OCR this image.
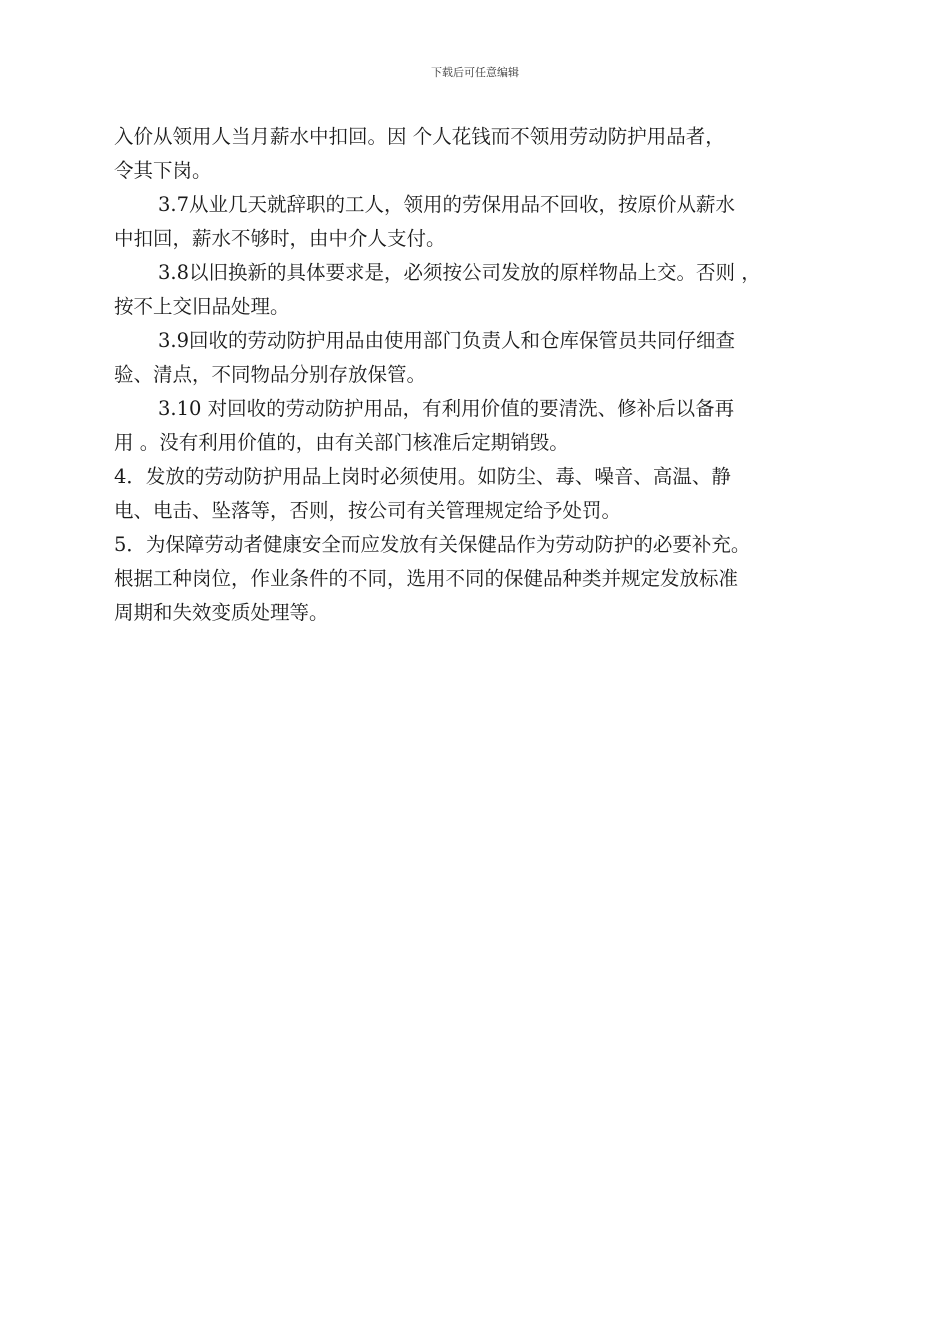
下载后可任意编辑
入价从领用人当月薪水中扣回。因 个人花钱而不领用劳动防护用品者，
令其下岗。
3.7从业几天就辞职的工人，领用的劳保用品不回收，按原价从薪水
中扣回，薪水不够时，由中介人支付。
3.8以旧换新的具体要求是，必须按公司发放的原样物品上交。否则 ，
按不上交旧品处理。
3.9回收的劳动防护用品由使用部门负责人和仓库保管员共同仔细查
验、清点，不同物品分别存放保管。
3.10 对回收的劳动防护用品，有利用价值的要清洗、修补后以备再
用 。没有利用价值的，由有关部门核准后定期销毁。
4．发放的劳动防护用品上岗时必须使用。如防尘、毒、噪音、高温、静
电、电击、坠落等，否则，按公司有关管理规定给予处罚。
5．为保障劳动者健康安全而应发放有关保健品作为劳动防护的必要补充。
根据工种岗位，作业条件的不同，选用不同的保健品种类并规定发放标准
周期和失效变质处理等。
